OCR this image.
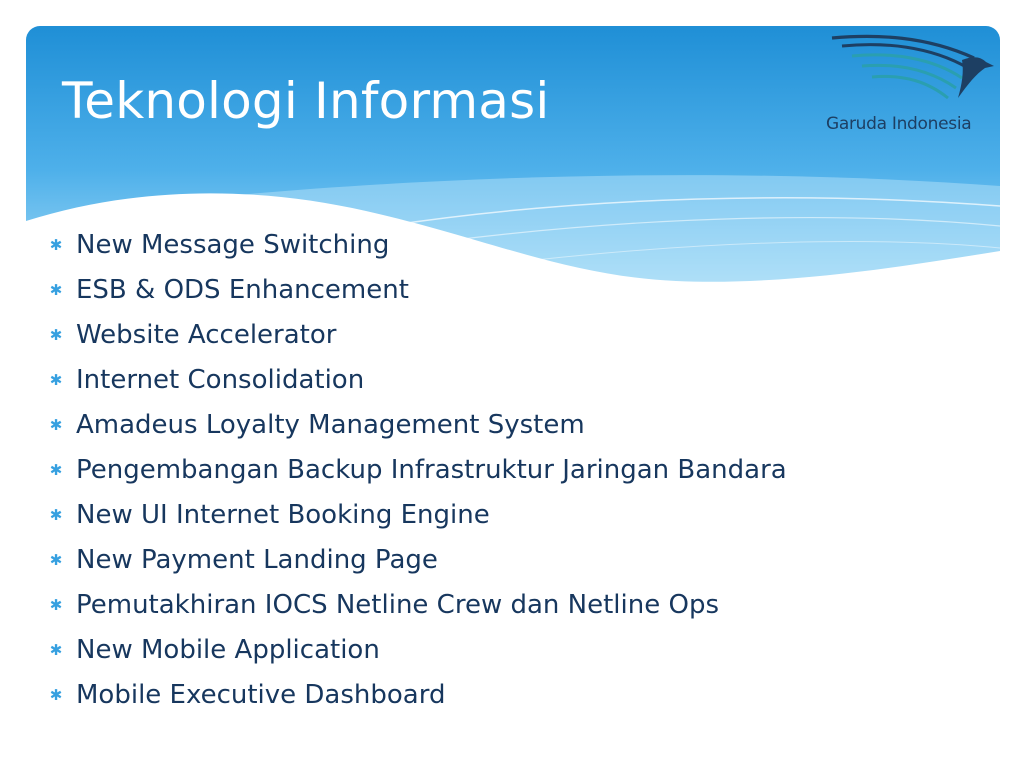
Teknologi Informasi	Garuda Indonesia
✱ New Message Switching
✱ ESB & ODS Enhancement
✱ Website Accelerator
✱ Internet Consolidation
✱ Amadeus Loyalty Management System
✱ Pengembangan Backup Infrastruktur Jaringan Bandara
✱ New UI Internet Booking Engine
✱ New Payment Landing Page
✱ Pemutakhiran IOCS Netline Crew dan Netline Ops
✱ New Mobile Application
✱ Mobile Executive Dashboard
